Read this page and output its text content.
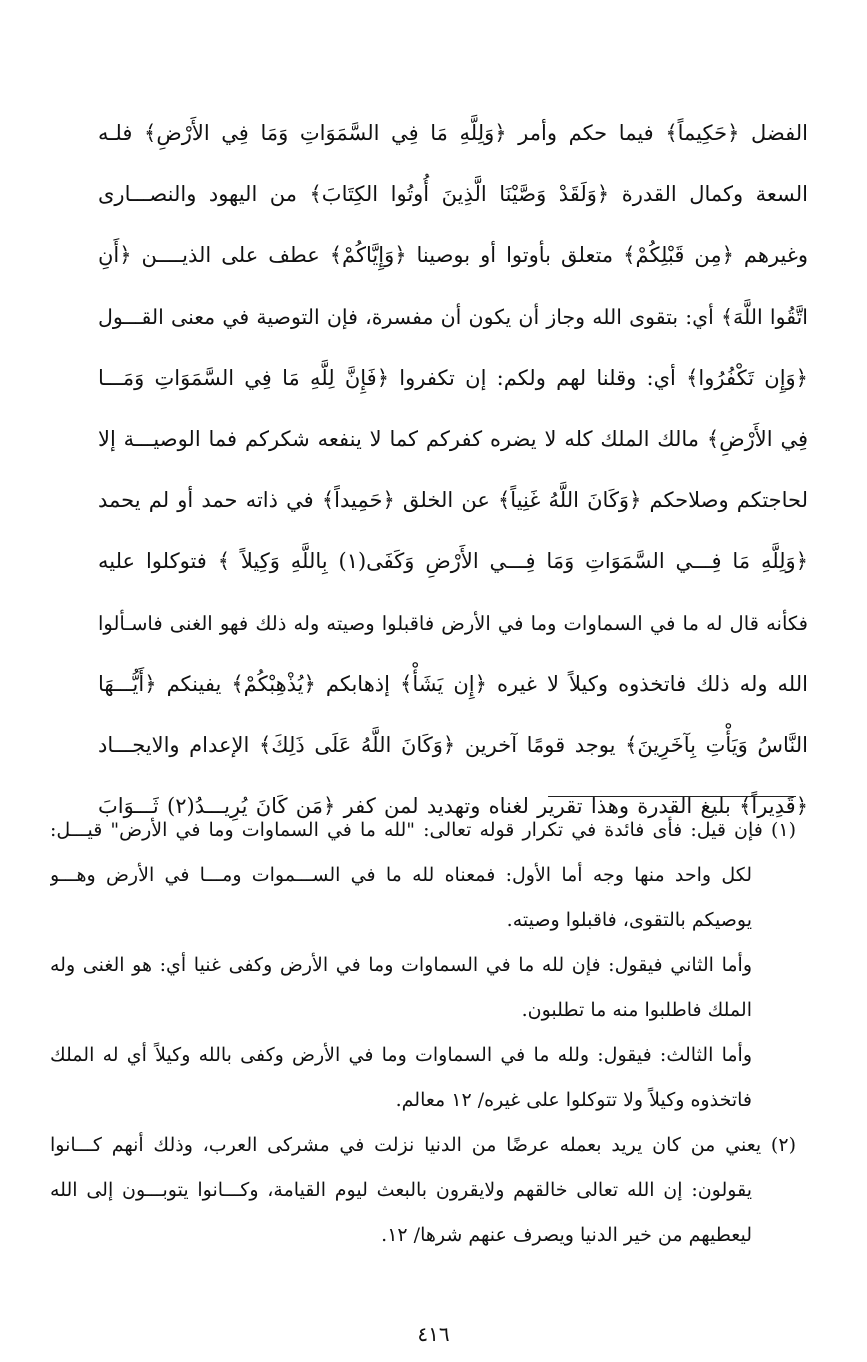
الفضل ﴿حَكِيماً﴾ فيما حكم وأمر ﴿وَلِلَّهِ مَا فِي السَّمَوَاتِ وَمَا فِي الأَرْضِ﴾ فلـه
السعة وكمال القدرة ﴿وَلَقَدْ وَصَّيْنَا الَّذِينَ أُوتُوا الكِتَابَ﴾ من اليهود والنصـــارى
وغيرهم ﴿مِن قَبْلِكُمْ﴾ متعلق بأوتوا أو بوصينا ﴿وَإِيَّاكُمْ﴾ عطف على الذيــــن ﴿أَنِ
اتَّقُوا اللَّهَ﴾ أي: بتقوى الله وجاز أن يكون أن مفسرة، فإن التوصية في معنى القـــول
﴿وَإِن تَكْفُرُوا﴾ أي: وقلنا لهم ولكم: إن تكفروا ﴿فَإِنَّ لِلَّهِ مَا فِي السَّمَوَاتِ وَمَـــا
فِي الأَرْضِ﴾ مالك الملك كله لا يضره كفركم كما لا ينفعه شكركم فما الوصيـــة إلا
لحاجتكم وصلاحكم ﴿وَكَانَ اللَّهُ غَنِياً﴾ عن الخلق ﴿حَمِيداً﴾ في ذاته حمد أو لم يحمد
﴿وَلِلَّهِ مَا فِـــي السَّمَوَاتِ وَمَا فِـــي الأَرْضِ وَكَفَى(١) بِاللَّهِ وَكِيلاً ﴾ فتوكلوا عليه
فكأنه قال له ما في السماوات وما في الأرض فاقبلوا وصيته وله ذلك فهو الغنى فاسـألوا
الله وله ذلك فاتخذوه وكيلاً لا غيره ﴿إِن يَشَأْ﴾ إذهابكم ﴿يُذْهِبْكُمْ﴾ يفينكم ﴿أَيُّـــهَا
النَّاسُ وَيَأْتِ بِآخَرِينَ﴾ يوجد قومًا آخرين ﴿وَكَانَ اللَّهُ عَلَى ذَلِكَ﴾ الإعدام والايجـــاد
﴿قَدِيراً﴾ بليغ القدرة وهذا تقرير لغناه وتهديد لمن كفر ﴿مَن كَانَ يُرِيـــدُ(٢) ثَـــوَابَ
(١) فإن قيل: فأى فائدة في تكرار قوله تعالى: "لله ما في السماوات وما في الأرض" قيـــل:
لكل واحد منها وجه أما الأول: فمعناه لله ما في الســـموات ومـــا في الأرض وهـــو
يوصيكم بالتقوى، فاقبلوا وصيته.
وأما الثاني فيقول: فإن لله ما في السماوات وما في الأرض وكفى غنيا أي: هو الغنى وله
الملك فاطلبوا منه ما تطلبون.
وأما الثالث: فيقول: ولله ما في السماوات وما في الأرض وكفى بالله وكيلاً أي له الملك
فاتخذوه وكيلاً ولا تتوكلوا على غيره/ ١٢ معالم.
(٢) يعني من كان يريد بعمله عرضًا من الدنيا نزلت في مشركى العرب، وذلك أنهم كـــانوا
يقولون: إن الله تعالى خالقهم ولايقرون بالبعث ليوم القيامة، وكـــانوا يتوبـــون إلى الله
ليعطيهم من خير الدنيا ويصرف عنهم شرها/ ١٢.
٤١٦
